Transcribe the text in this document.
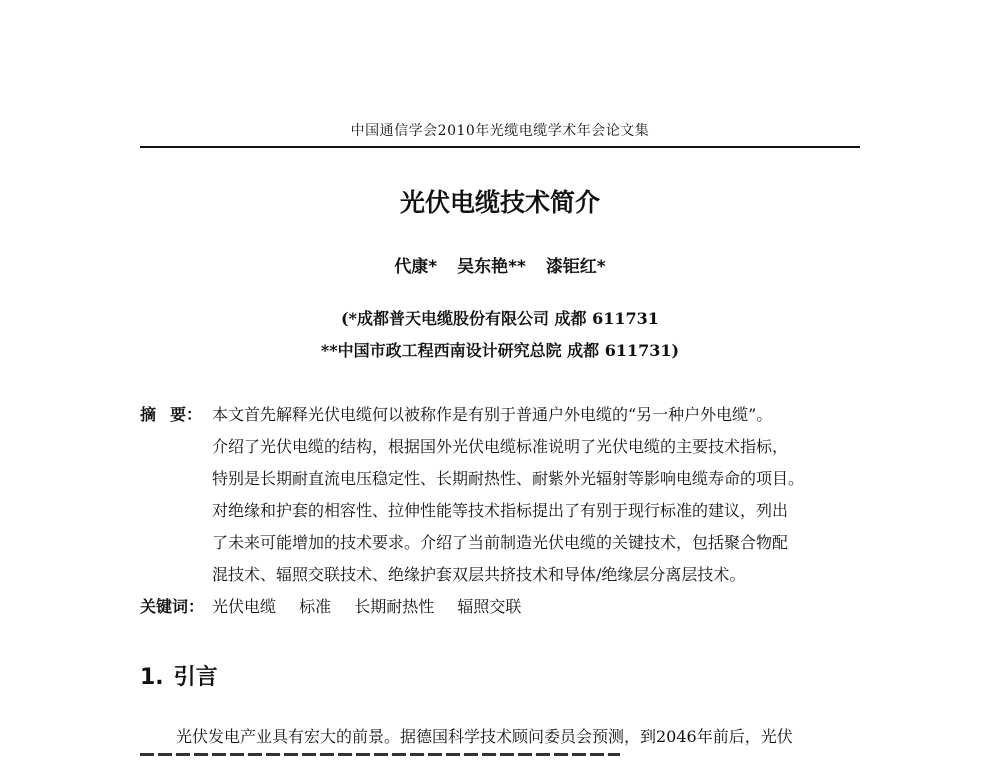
中国通信学会2010年光缆电缆学术年会论文集
光伏电缆技术简介
代康* 吴东艳** 漆钜红*
(*成都普天电缆股份有限公司 成都 611731
**中国市政工程西南设计研究总院 成都 611731)
摘 要： 本文首先解释光伏电缆何以被称作是有别于普通户外电缆的“另一种户外电缆”。
介绍了光伏电缆的结构，根据国外光伏电缆标准说明了光伏电缆的主要技术指标，
特别是长期耐直流电压稳定性、长期耐热性、耐紫外光辐射等影响电缆寿命的项目。
对绝缘和护套的相容性、拉伸性能等技术指标提出了有别于现行标准的建议，列出
了未来可能增加的技术要求。介绍了当前制造光伏电缆的关键技术，包括聚合物配
混技术、辐照交联技术、绝缘护套双层共挤技术和导体/绝缘层分离层技术。
关键词： 光伏电缆 标准 长期耐热性 辐照交联
1. 引言
光伏发电产业具有宏大的前景。据德国科学技术顾问委员会预测，到2046年前后，光伏
